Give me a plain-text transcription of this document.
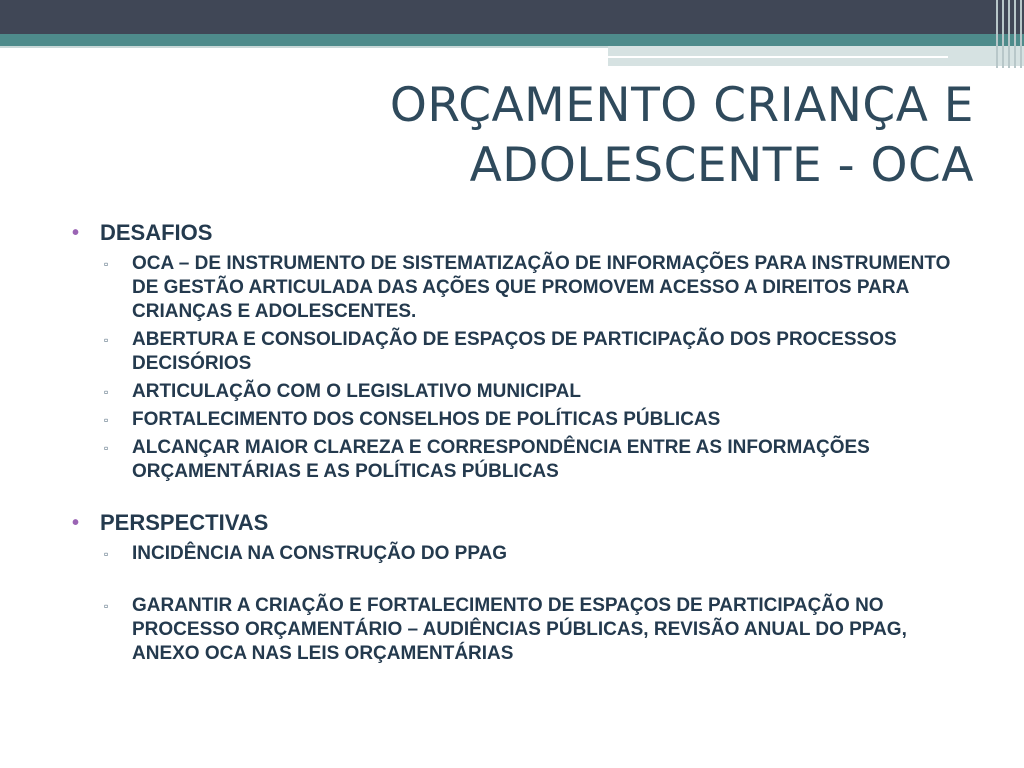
ORÇAMENTO CRIANÇA E
ADOLESCENTE - OCA
• DESAFIOS
▫ OCA – DE INSTRUMENTO DE SISTEMATIZAÇÃO DE INFORMAÇÕES PARA INSTRUMENTO DE GESTÃO ARTICULADA DAS AÇÕES QUE PROMOVEM ACESSO A DIREITOS PARA CRIANÇAS E ADOLESCENTES.
▫ ABERTURA E CONSOLIDAÇÃO DE ESPAÇOS DE PARTICIPAÇÃO DOS PROCESSOS DECISÓRIOS
▫ ARTICULAÇÃO COM O LEGISLATIVO MUNICIPAL
▫ FORTALECIMENTO DOS CONSELHOS DE POLÍTICAS PÚBLICAS
▫ ALCANÇAR MAIOR CLAREZA E CORRESPONDÊNCIA ENTRE AS INFORMAÇÕES ORÇAMENTÁRIAS E AS POLÍTICAS PÚBLICAS
• PERSPECTIVAS
▫ INCIDÊNCIA NA CONSTRUÇÃO DO PPAG
▫ GARANTIR A CRIAÇÃO E FORTALECIMENTO DE ESPAÇOS DE PARTICIPAÇÃO NO PROCESSO ORÇAMENTÁRIO – AUDIÊNCIAS PÚBLICAS, REVISÃO ANUAL DO PPAG, ANEXO OCA NAS LEIS ORÇAMENTÁRIAS
